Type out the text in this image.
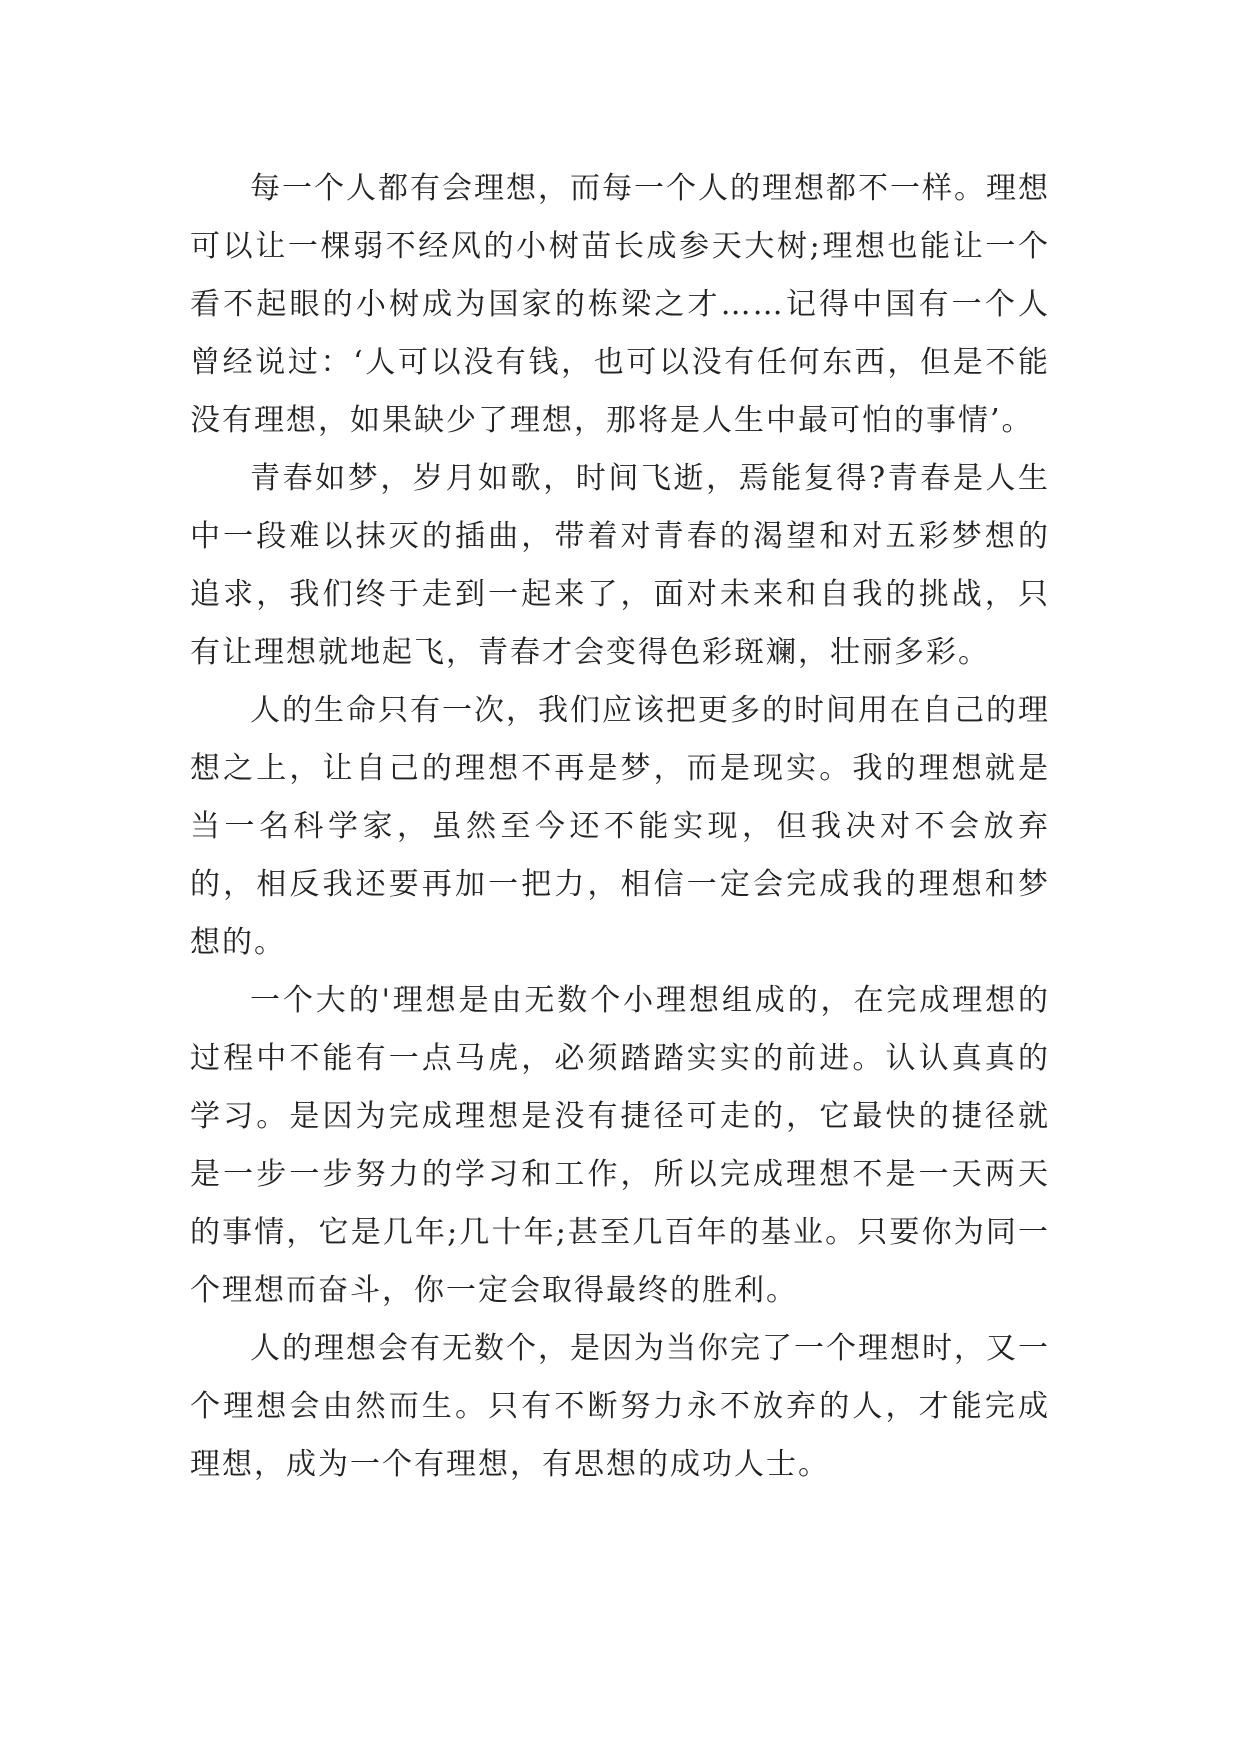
每一个人都有会理想，而每一个人的理想都不一样。理想可以让一棵弱不经风的小树苗长成参天大树;理想也能让一个看不起眼的小树成为国家的栋梁之才……记得中国有一个人曾经说过：‘人可以没有钱，也可以没有任何东西，但是不能没有理想，如果缺少了理想，那将是人生中最可怕的事情’。

青春如梦，岁月如歌，时间飞逝，焉能复得?青春是人生中一段难以抹灭的插曲，带着对青春的渴望和对五彩梦想的追求，我们终于走到一起来了，面对未来和自我的挑战，只有让理想就地起飞，青春才会变得色彩斑斓，壮丽多彩。

人的生命只有一次，我们应该把更多的时间用在自己的理想之上，让自己的理想不再是梦，而是现实。我的理想就是当一名科学家，虽然至今还不能实现，但我决对不会放弃的，相反我还要再加一把力，相信一定会完成我的理想和梦想的。

一个大的'理想是由无数个小理想组成的，在完成理想的过程中不能有一点马虎，必须踏踏实实的前进。认认真真的学习。是因为完成理想是没有捷径可走的，它最快的捷径就是一步一步努力的学习和工作，所以完成理想不是一天两天的事情，它是几年;几十年;甚至几百年的基业。只要你为同一个理想而奋斗，你一定会取得最终的胜利。

人的理想会有无数个，是因为当你完了一个理想时，又一个理想会由然而生。只有不断努力永不放弃的人，才能完成理想，成为一个有理想，有思想的成功人士。
